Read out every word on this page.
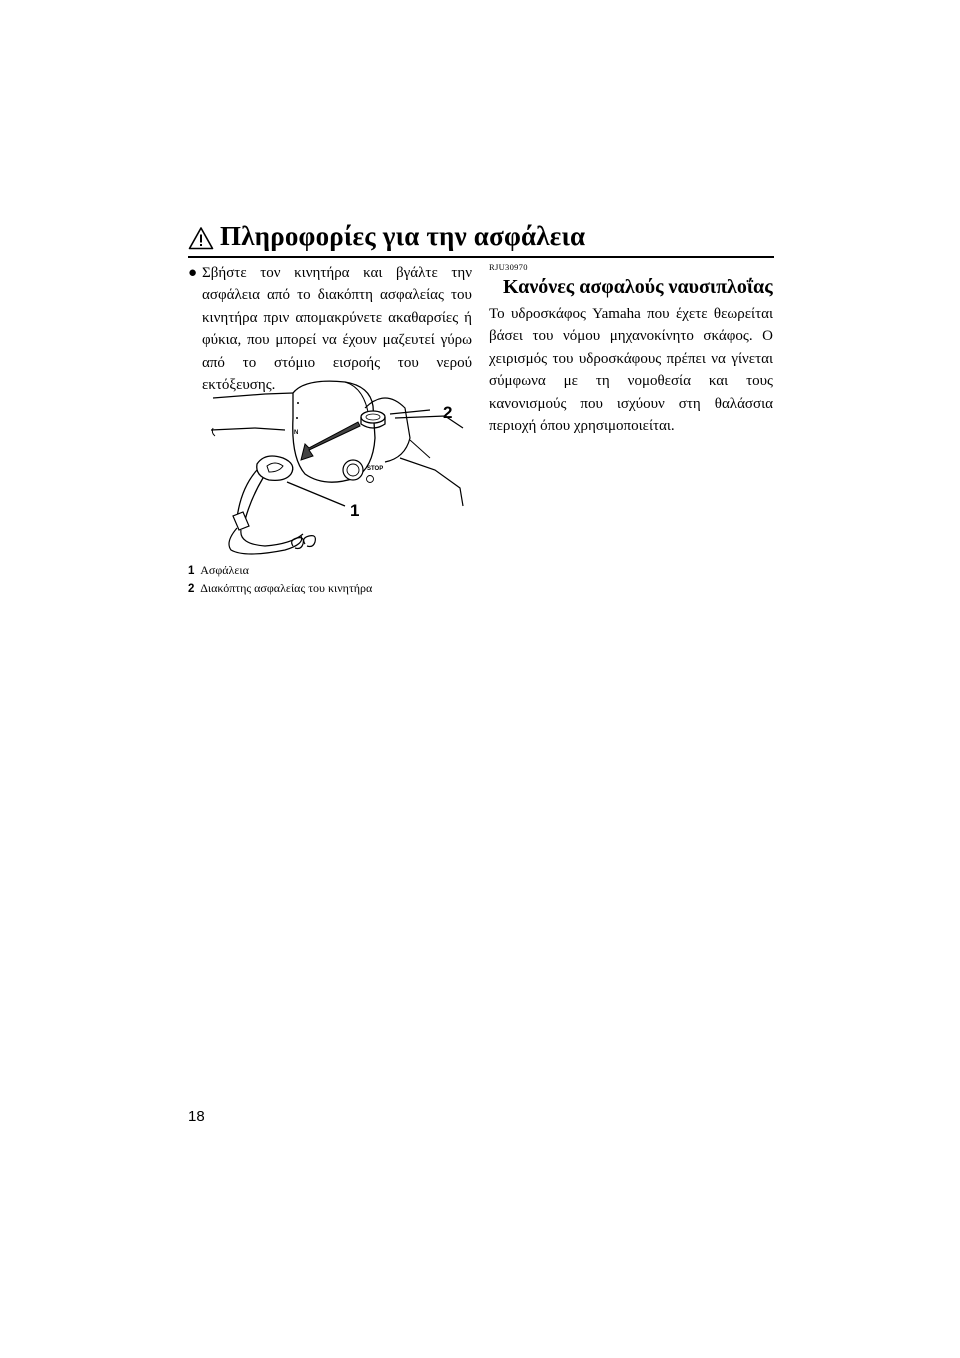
Πληροφορίες για την ασφάλεια
● Σβήστε τον κινητήρα και βγάλτε την ασφάλεια από το διακόπτη ασφαλείας του κινητήρα πριν απομακρύνετε ακαθαρσίες ή φύκια, που μπορεί να έχουν μαζευτεί γύρω από το στόμιο εισροής του νερού εκτόξευσης.
STOP
N
2
1
1 Ασφάλεια
2 Διακόπτης ασφαλείας του κινητήρα
RJU30970
Κανόνες ασφαλούς ναυσιπλοΐας

Το υδροσκάφος Yamaha που έχετε θεωρείται βάσει του νόμου μηχανοκίνητο σκάφος. Ο χειρισμός του υδροσκάφους πρέπει να γίνεται σύμφωνα με τη νομοθεσία και τους κανονισμούς που ισχύουν στη θαλάσσια περιοχή όπου χρησιμοποιείται.

18
